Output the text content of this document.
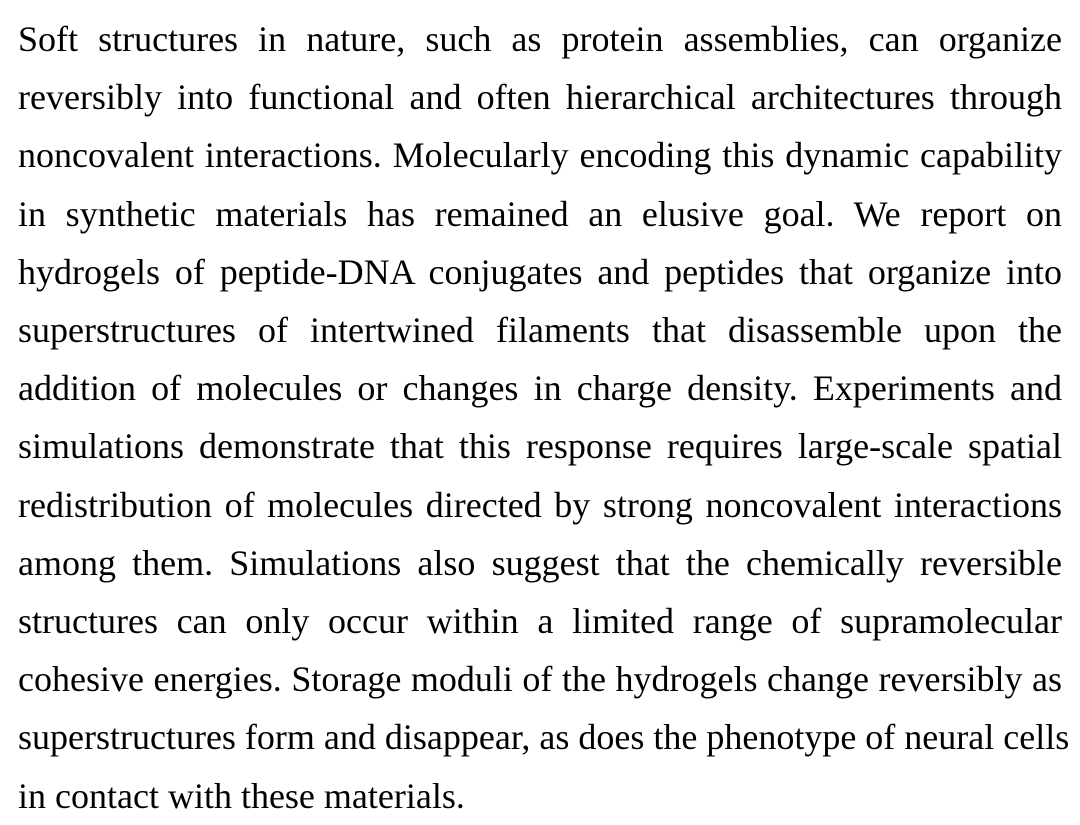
Soft structures in nature, such as protein assemblies, can organize
reversibly into functional and often hierarchical architectures through
noncovalent interactions. Molecularly encoding this dynamic capability
in synthetic materials has remained an elusive goal. We report on
hydrogels of peptide-DNA conjugates and peptides that organize into
superstructures of intertwined filaments that disassemble upon the
addition of molecules or changes in charge density. Experiments and
simulations demonstrate that this response requires large-scale spatial
redistribution of molecules directed by strong noncovalent interactions
among them. Simulations also suggest that the chemically reversible
structures can only occur within a limited range of supramolecular
cohesive energies. Storage moduli of the hydrogels change reversibly as
superstructures form and disappear, as does the phenotype of neural cells
in contact with these materials.
